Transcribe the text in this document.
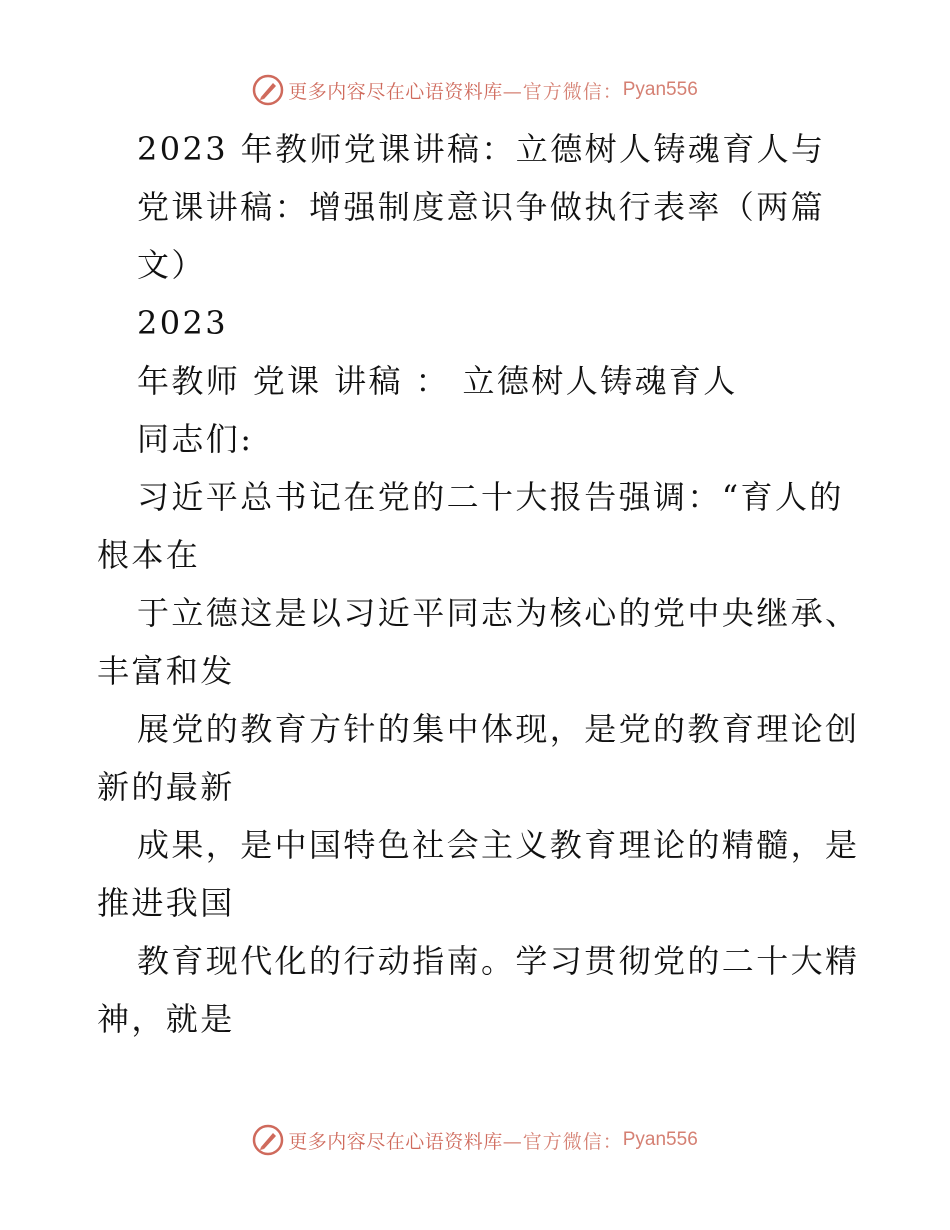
更多内容尽在心语资料库 —官方微信： Pyan556
2023 年教师党课讲稿：立德树人铸魂育人与
党课讲稿：增强制度意识争做执行表率（两篇
文）
2023
年教师 党课 讲稿 ： 立德树人铸魂育人
同志们:
习近平总书记在党的二十大报告强调：“育人的
根本在
于立德这是以习近平同志为核心的党中央继承、
丰富和发
展党的教育方针的集中体现，是党的教育理论创
新的最新
成果，是中国特色社会主义教育理论的精髓，是
推进我国
教育现代化的行动指南。学习贯彻党的二十大精
神，就是
更多内容尽在心语资料库 —官方微信： Pyan556
